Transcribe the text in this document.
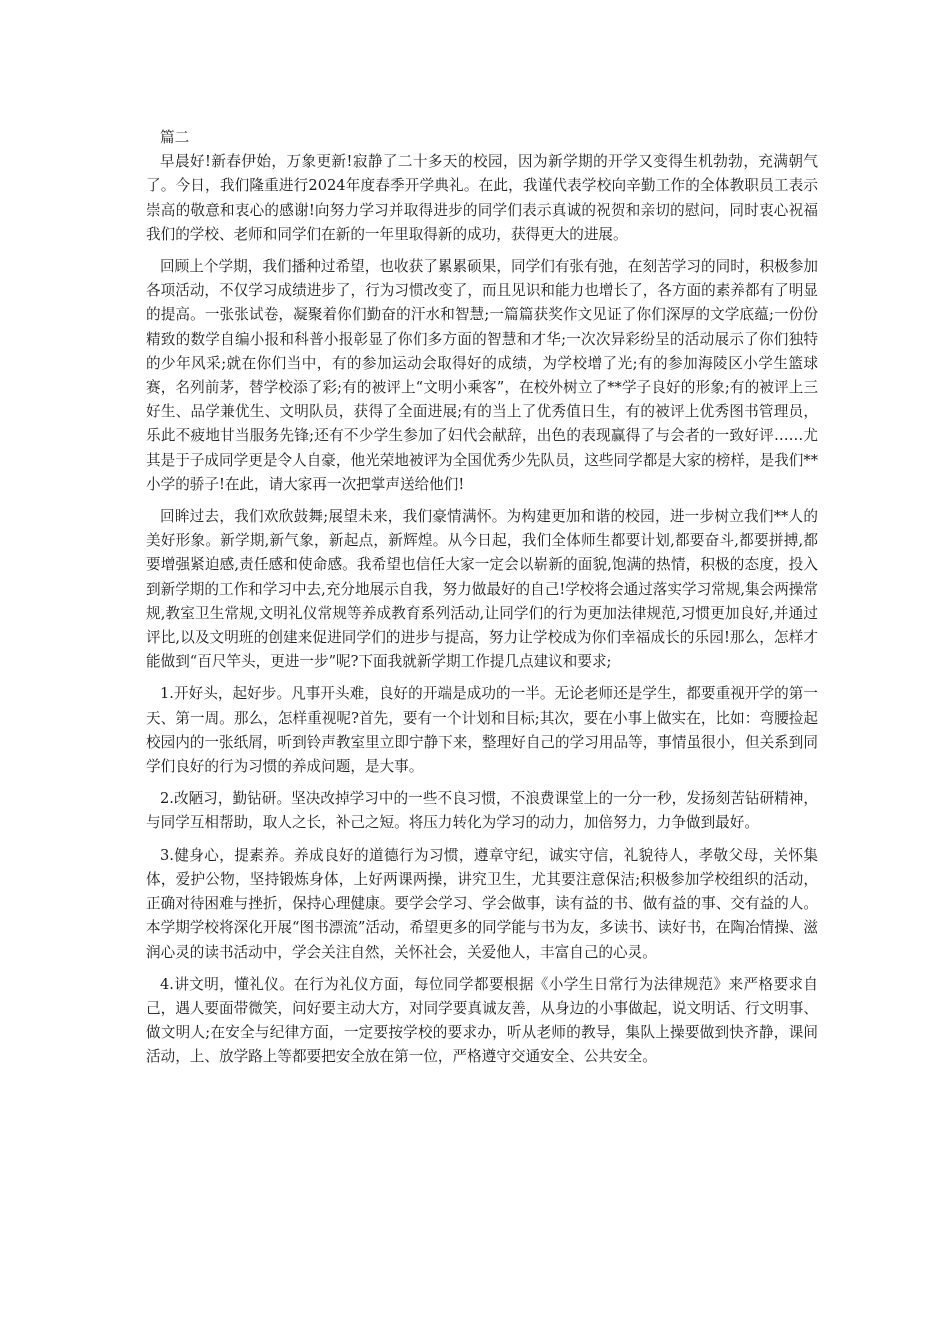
篇二

早晨好!新春伊始，万象更新!寂静了二十多天的校园，因为新学期的开学又变得生机勃勃，充满朝气了。今日，我们隆重进行2024年度春季开学典礼。在此，我谨代表学校向辛勤工作的全体教职员工表示崇高的敬意和衷心的感谢!向努力学习并取得进步的同学们表示真诚的祝贺和亲切的慰问，同时衷心祝福我们的学校、老师和同学们在新的一年里取得新的成功，获得更大的进展。

回顾上个学期，我们播种过希望，也收获了累累硕果，同学们有张有弛，在刻苦学习的同时，积极参加各项活动，不仅学习成绩进步了，行为习惯改变了，而且见识和能力也增长了，各方面的素养都有了明显的提高。一张张试卷，凝聚着你们勤奋的汗水和智慧;一篇篇获奖作文见证了你们深厚的文学底蕴;一份份精致的数学自编小报和科普小报彰显了你们多方面的智慧和才华;一次次异彩纷呈的活动展示了你们独特的少年风采;就在你们当中，有的参加运动会取得好的成绩，为学校增了光;有的参加海陵区小学生篮球赛，名列前茅，替学校添了彩;有的被评上“文明小乘客”，在校外树立了**学子良好的形象;有的被评上三好生、品学兼优生、文明队员，获得了全面进展;有的当上了优秀值日生，有的被评上优秀图书管理员，乐此不疲地甘当服务先锋;还有不少学生参加了妇代会献辞，出色的表现赢得了与会者的一致好评……尤其是于子成同学更是令人自豪，他光荣地被评为全国优秀少先队员，这些同学都是大家的榜样，是我们**小学的骄子!在此，请大家再一次把掌声送给他们!

回眸过去，我们欢欣鼓舞;展望未来，我们豪情满怀。为构建更加和谐的校园，进一步树立我们**人的美好形象。新学期,新气象，新起点，新辉煌。从今日起，我们全体师生都要计划,都要奋斗,都要拼搏,都要增强紧迫感,责任感和使命感。我希望也信任大家一定会以崭新的面貌,饱满的热情，积极的态度，投入到新学期的工作和学习中去,充分地展示自我，努力做最好的自己!学校将会通过落实学习常规,集会两操常规,教室卫生常规,文明礼仪常规等养成教育系列活动,让同学们的行为更加法律规范,习惯更加良好,并通过评比,以及文明班的创建来促进同学们的进步与提高，努力让学校成为你们幸福成长的乐园!那么，怎样才能做到“百尺竿头，更进一步”呢?下面我就新学期工作提几点建议和要求;

1.开好头，起好步。凡事开头难，良好的开端是成功的一半。无论老师还是学生，都要重视开学的第一天、第一周。那么，怎样重视呢?首先，要有一个计划和目标;其次，要在小事上做实在，比如：弯腰捡起校园内的一张纸屑，听到铃声教室里立即宁静下来，整理好自己的学习用品等，事情虽很小，但关系到同学们良好的行为习惯的养成问题，是大事。

2.改陋习，勤钻研。坚决改掉学习中的一些不良习惯，不浪费课堂上的一分一秒，发扬刻苦钻研精神，与同学互相帮助，取人之长，补己之短。将压力转化为学习的动力，加倍努力，力争做到最好。

3.健身心，提素养。养成良好的道德行为习惯，遵章守纪，诚实守信，礼貌待人，孝敬父母，关怀集体，爱护公物，坚持锻炼身体，上好两课两操，讲究卫生，尤其要注意保洁;积极参加学校组织的活动，正确对待困难与挫折，保持心理健康。要学会学习、学会做事，读有益的书、做有益的事、交有益的人。本学期学校将深化开展“图书漂流”活动，希望更多的同学能与书为友，多读书、读好书，在陶冶情操、滋润心灵的读书活动中，学会关注自然，关怀社会，关爱他人，丰富自己的心灵。

4.讲文明，懂礼仪。在行为礼仪方面，每位同学都要根据《小学生日常行为法律规范》来严格要求自己，遇人要面带微笑，问好要主动大方，对同学要真诚友善，从身边的小事做起，说文明话、行文明事、做文明人;在安全与纪律方面，一定要按学校的要求办，听从老师的教导，集队上操要做到快齐静，课间活动，上、放学路上等都要把安全放在第一位，严格遵守交通安全、公共安全。
